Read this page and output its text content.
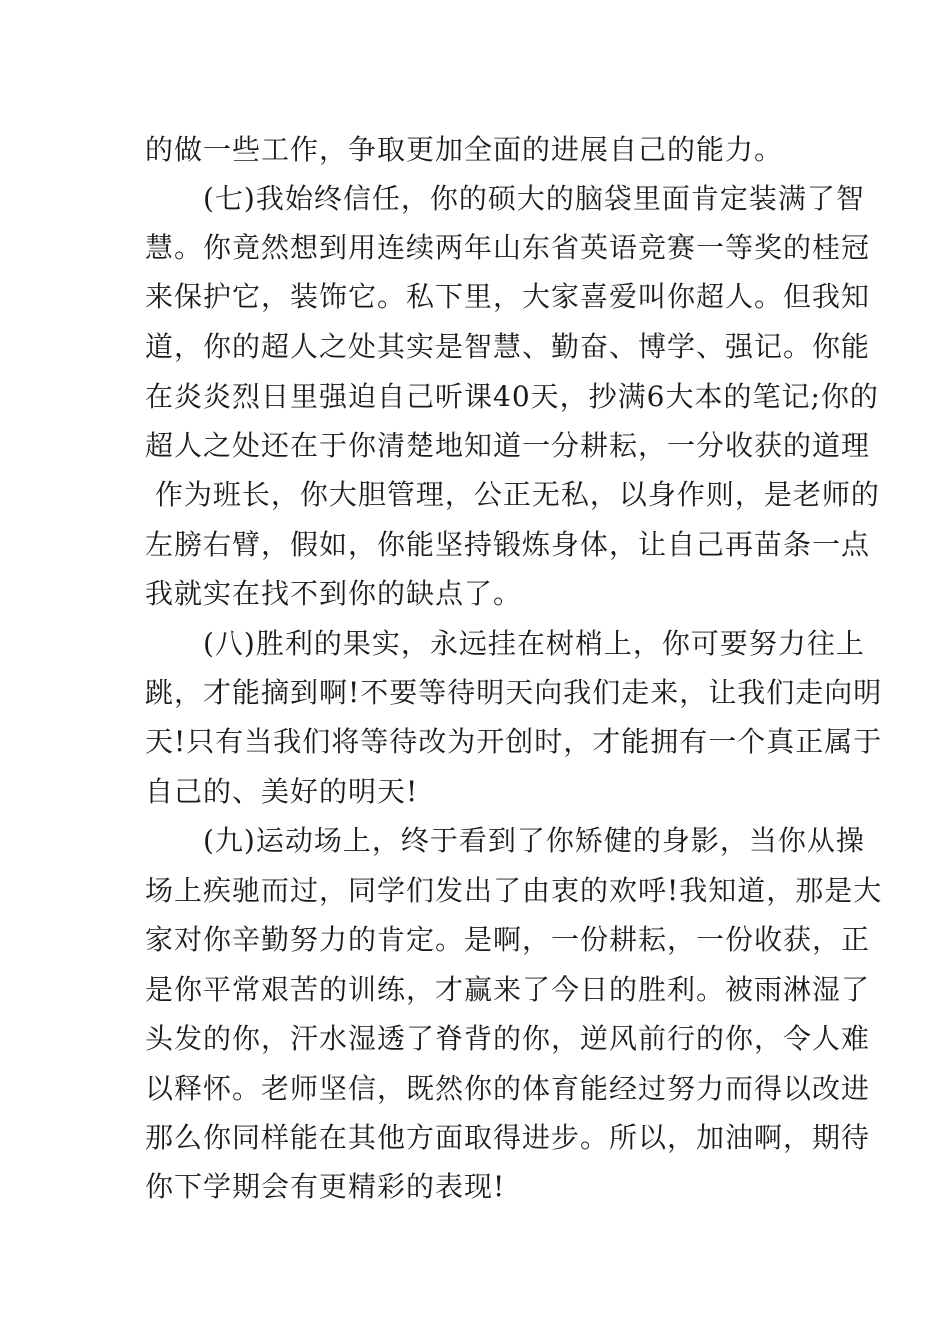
的做一些工作，争取更加全面的进展自己的能力。
(七)我始终信任，你的硕大的脑袋里面肯定装满了智
慧。你竟然想到用连续两年山东省英语竞赛一等奖的桂冠
来保护它，装饰它。私下里，大家喜爱叫你超人。但我知
道，你的超人之处其实是智慧、勤奋、博学、强记。你能
在炎炎烈日里强迫自己听课40天，抄满6大本的笔记;你的
超人之处还在于你清楚地知道一分耕耘，一分收获的道理
作为班长，你大胆管理，公正无私，以身作则，是老师的
左膀右臂，假如，你能坚持锻炼身体，让自己再苗条一点
我就实在找不到你的缺点了。
(八)胜利的果实，永远挂在树梢上，你可要努力往上
跳，才能摘到啊!不要等待明天向我们走来，让我们走向明
天!只有当我们将等待改为开创时，才能拥有一个真正属于
自己的、美好的明天!
(九)运动场上，终于看到了你矫健的身影，当你从操
场上疾驰而过，同学们发出了由衷的欢呼!我知道，那是大
家对你辛勤努力的肯定。是啊，一份耕耘，一份收获，正
是你平常艰苦的训练，才赢来了今日的胜利。被雨淋湿了
头发的你，汗水湿透了脊背的你，逆风前行的你，令人难
以释怀。老师坚信，既然你的体育能经过努力而得以改进
那么你同样能在其他方面取得进步。所以，加油啊，期待
你下学期会有更精彩的表现!
